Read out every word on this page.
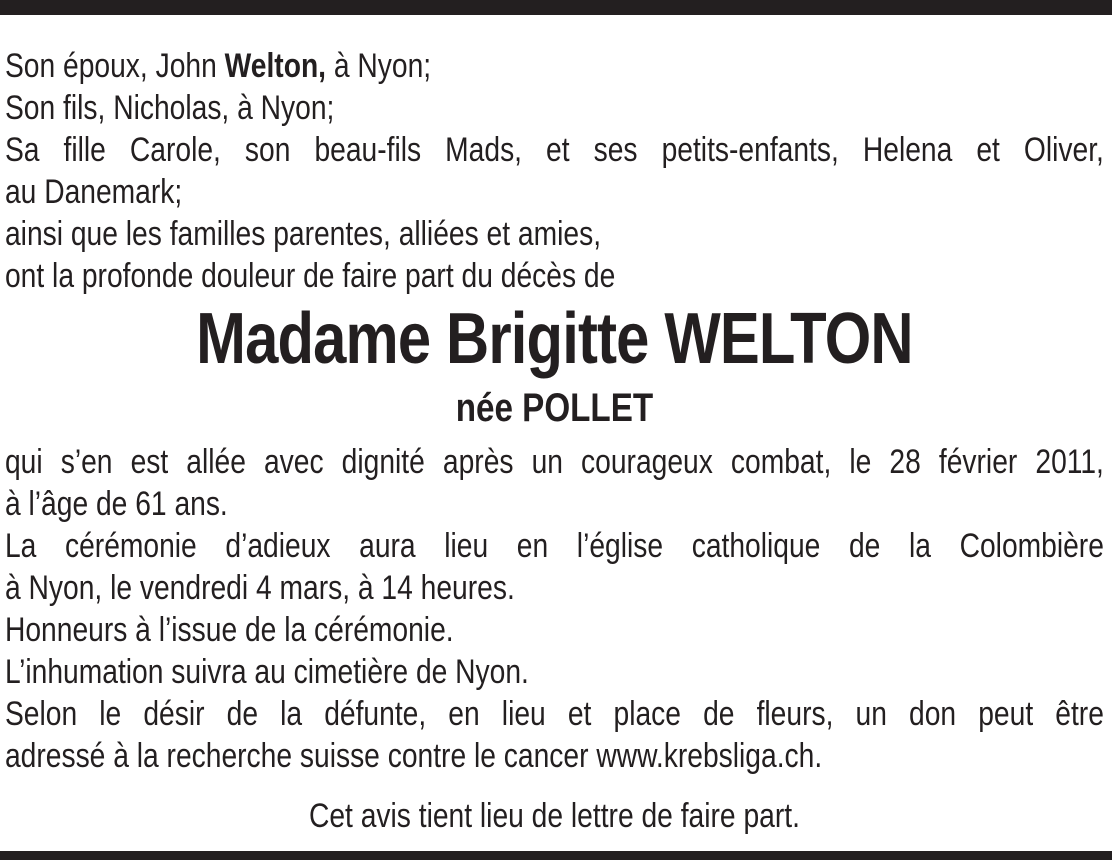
Son époux, John Welton, à Nyon;
Son fils, Nicholas, à Nyon;
Sa fille Carole, son beau-fils Mads, et ses petits-enfants, Helena et Oliver,
au Danemark;
ainsi que les familles parentes, alliées et amies,
ont la profonde douleur de faire part du décès de
Madame Brigitte WELTON
née POLLET
qui s’en est allée avec dignité après un courageux combat, le 28 février 2011,
à l’âge de 61 ans.
La cérémonie d’adieux aura lieu en l’église catholique de la Colombière
à Nyon, le vendredi 4 mars, à 14 heures.
Honneurs à l’issue de la cérémonie.
L’inhumation suivra au cimetière de Nyon.
Selon le désir de la défunte, en lieu et place de fleurs, un don peut être
adressé à la recherche suisse contre le cancer www.krebsliga.ch.
Cet avis tient lieu de lettre de faire part.
